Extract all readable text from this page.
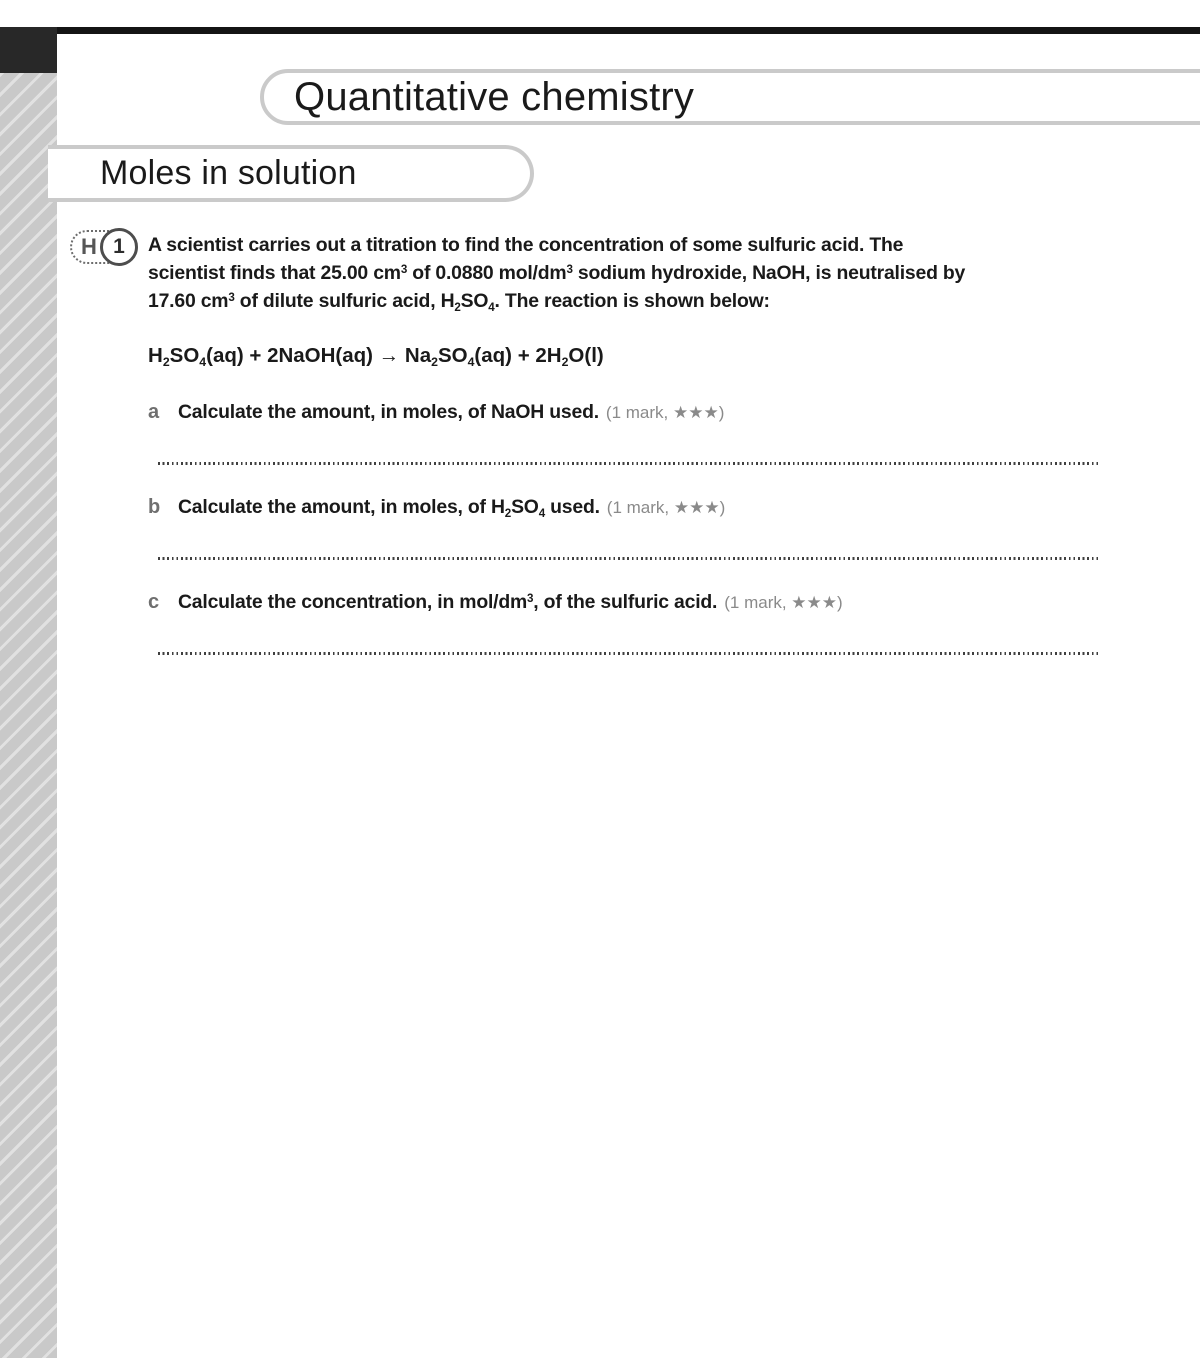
Quantitative chemistry
Moles in solution
H 1 A scientist carries out a titration to find the concentration of some sulfuric acid. The
scientist finds that 25.00 $cm^3$ of 0.0880 mol/$dm^3$ sodium hydroxide, NaOH, is neutralised by
17.60 $cm^3$ of dilute sulfuric acid, $H_2SO_4$. The reaction is shown below:
$H_2SO_4(aq)$ + 2NaOH(aq) → $Na_2SO_4(aq) + 2H_2O(l)$
a Calculate the amount, in moles, of NaOH used. (1 mark, ★★★)
b Calculate the amount, in moles, of $H_2SO_4$ used. (1 mark, ★★★)
c Calculate the concentration, in mol/$dm^3$, of the sulfuric acid. (1 mark, ★★★)
